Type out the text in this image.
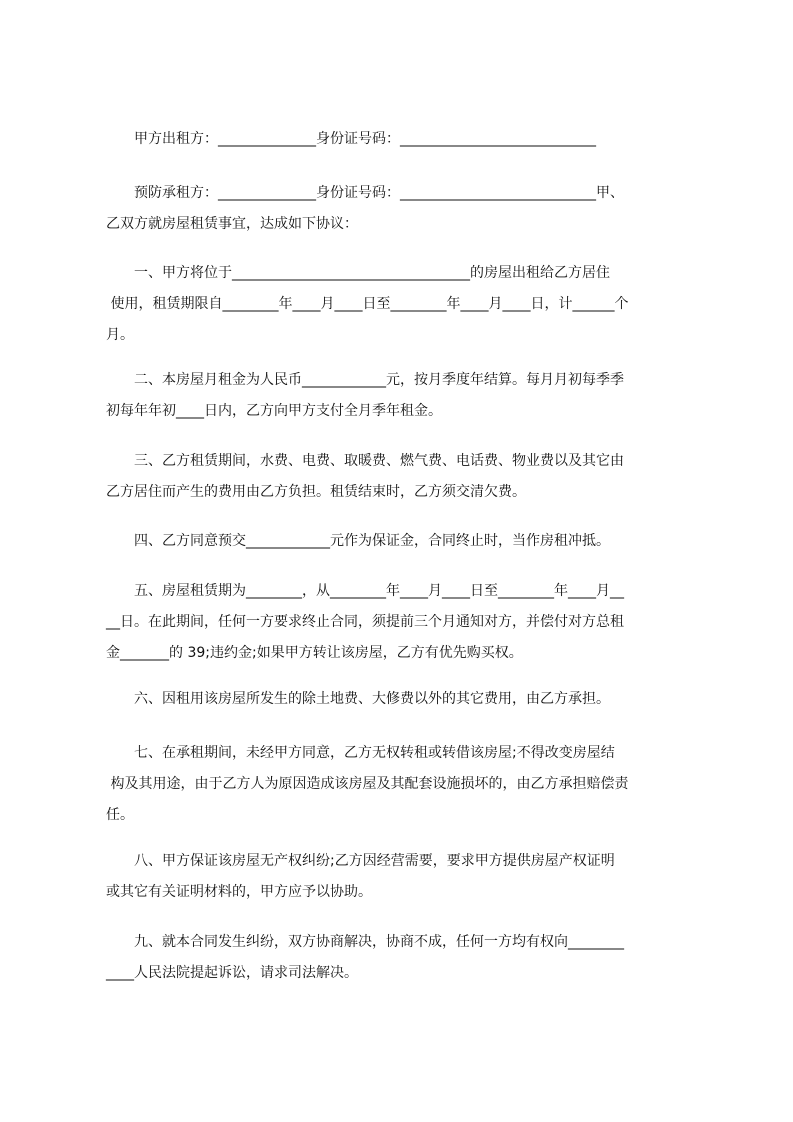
甲方出租方：______________身份证号码：____________________________

预防承租方：______________身份证号码：____________________________甲、
乙双方就房屋租赁事宜，达成如下协议：

一、甲方将位于__________________________________的房屋出租给乙方居住
使用，租赁期限自________年____月____日至________年____月____日，计______个
月。

二、本房屋月租金为人民币____________元，按月季度年结算。每月月初每季季
初每年年初____日内，乙方向甲方支付全月季年租金。

三、乙方租赁期间，水费、电费、取暖费、燃气费、电话费、物业费以及其它由
乙方居住而产生的费用由乙方负担。租赁结束时，乙方须交清欠费。

四、乙方同意预交____________元作为保证金，合同终止时，当作房租冲抵。

五、房屋租赁期为________，从________年____月____日至________年____月__
__日。在此期间，任何一方要求终止合同，须提前三个月通知对方，并偿付对方总租
金_______的 39;违约金;如果甲方转让该房屋，乙方有优先购买权。

六、因租用该房屋所发生的除土地费、大修费以外的其它费用，由乙方承担。

七、在承租期间，未经甲方同意，乙方无权转租或转借该房屋;不得改变房屋结
构及其用途，由于乙方人为原因造成该房屋及其配套设施损坏的，由乙方承担赔偿责
任。

八、甲方保证该房屋无产权纠纷;乙方因经营需要，要求甲方提供房屋产权证明
或其它有关证明材料的，甲方应予以协助。

九、就本合同发生纠纷，双方协商解决，协商不成，任何一方均有权向________
____人民法院提起诉讼，请求司法解决。
